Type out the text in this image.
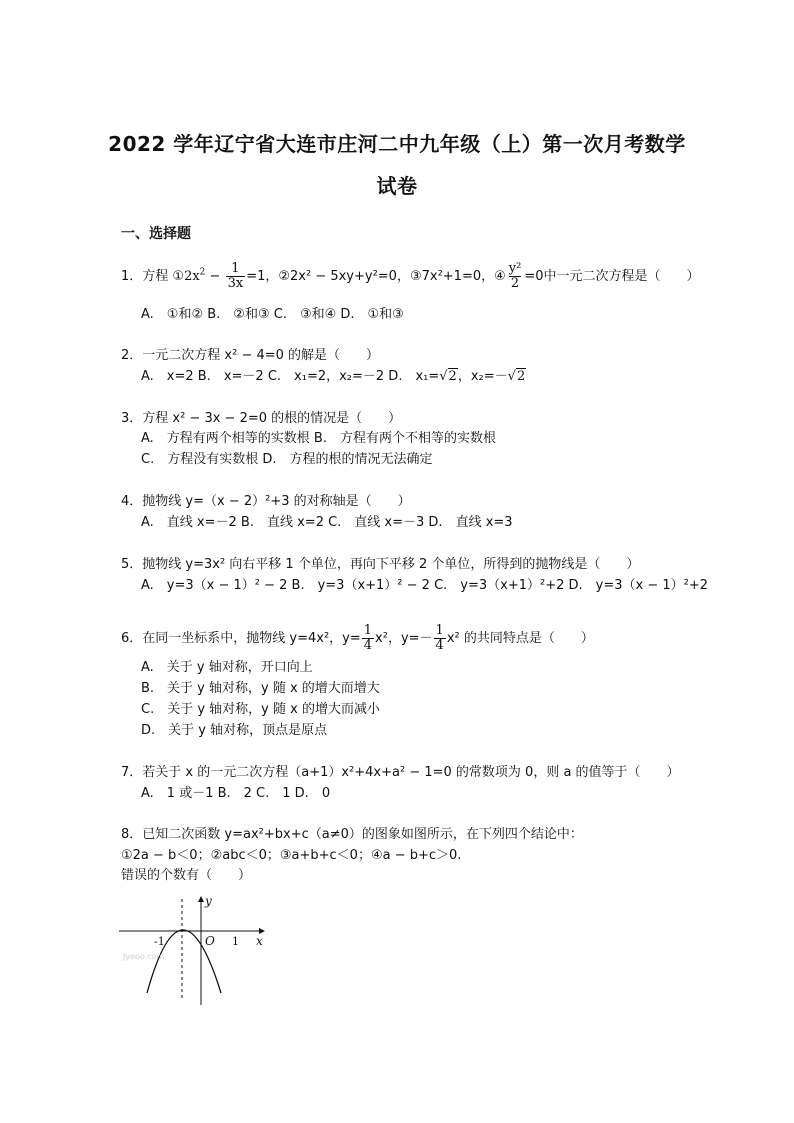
2022 学年辽宁省大连市庄河二中九年级（上）第一次月考数学
试卷
一、选择题
1．方程 $①2x^2 - \frac{1}{3x} =1$，②2x² − 5xy+y²=0，③7x²+1=0，④ $\frac{\text{y²}}{2} =0$中一元二次方程是（　　）
A.　①和② B.　②和③ C.　③和④ D.　①和③
2．一元二次方程 x² − 4=0 的解是（　　）
A.　x=2 B.　x=－2 C.　x₁=2，x₂=－2 D.　x₁=√2，x₂=－√2
3．方程 x² − 3x − 2=0 的根的情况是（　　）
A.　方程有两个相等的实数根 B.　方程有两个不相等的实数根
C.　方程没有实数根 D.　方程的根的情况无法确定
4．抛物线 y=（x − 2）²+3 的对称轴是（　　）
A.　直线 x=－2 B.　直线 x=2 C.　直线 x=－3 D.　直线 x=3
5．抛物线 y=3x² 向右平移 1 个单位，再向下平移 2 个单位，所得到的抛物线是（　　）
A.　y=3（x − 1）² − 2 B.　y=3（x+1）² − 2 C.　y=3（x+1）²+2 D.　y=3（x − 1）²+2
6．在同一坐标系中，抛物线 y=4x²，$y= \frac{1}{4} x^2$，$y=- \frac{1}{4} x^2$ 的共同特点是（　　）
A.　关于 y 轴对称，开口向上
B.　关于 y 轴对称，y 随 x 的增大而增大
C.　关于 y 轴对称，y 随 x 的增大而减小
D.　关于 y 轴对称，顶点是原点
7．若关于 x 的一元二次方程（a+1）x²+4x+a² − 1=0 的常数项为 0，则 a 的值等于（　　）
A.　1 或－1 B.　2 C.　1 D.　0
8．已知二次函数 y=ax²+bx+c（a≠0）的图象如图所示，在下列四个结论中：
①2a − b＜0；②abc＜0；③a+b+c＜0；④a − b+c＞0.
错误的个数有（　　）
y
x
O
-1	1
Jyeoo.com
